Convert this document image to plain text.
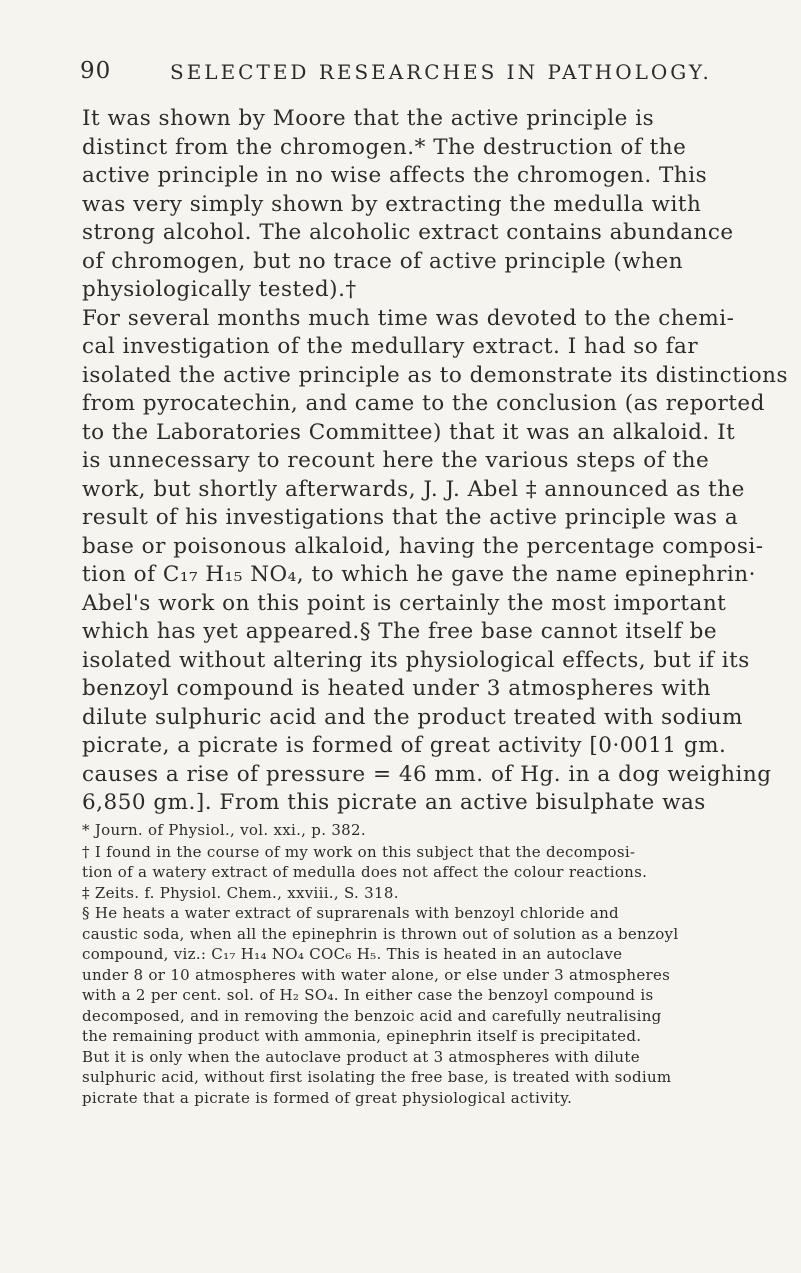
90	SELECTED RESEARCHES IN PATHOLOGY.
It was shown by Moore that the active principle is
distinct from the chromogen.* The destruction of the
active principle in no wise affects the chromogen. This
was very simply shown by extracting the medulla with
strong alcohol. The alcoholic extract contains abundance
of chromogen, but no trace of active principle (when
physiologically tested).†
For several months much time was devoted to the chemi-
cal investigation of the medullary extract. I had so far
isolated the active principle as to demonstrate its distinctions
from pyrocatechin, and came to the conclusion (as reported
to the Laboratories Committee) that it was an alkaloid. It
is unnecessary to recount here the various steps of the
work, but shortly afterwards, J. J. Abel ‡ announced as the
result of his investigations that the active principle was a
base or poisonous alkaloid, having the percentage composi-
tion of C₁₇ H₁₅ NO₄, to which he gave the name epinephrin·
Abel's work on this point is certainly the most important
which has yet appeared.§ The free base cannot itself be
isolated without altering its physiological effects, but if its
benzoyl compound is heated under 3 atmospheres with
dilute sulphuric acid and the product treated with sodium
picrate, a picrate is formed of great activity [0·0011 gm.
causes a rise of pressure = 46 mm. of Hg. in a dog weighing
6,850 gm.]. From this picrate an active bisulphate was
* Journ. of Physiol., vol. xxi., p. 382.
† I found in the course of my work on this subject that the decomposi-
tion of a watery extract of medulla does not affect the colour reactions.
‡ Zeits. f. Physiol. Chem., xxviii., S. 318.
§ He heats a water extract of suprarenals with benzoyl chloride and
caustic soda, when all the epinephrin is thrown out of solution as a benzoyl
compound, viz.: C₁₇ H₁₄ NO₄ COC₆ H₅. This is heated in an autoclave
under 8 or 10 atmospheres with water alone, or else under 3 atmospheres
with a 2 per cent. sol. of H₂ SO₄. In either case the benzoyl compound is
decomposed, and in removing the benzoic acid and carefully neutralising
the remaining product with ammonia, epinephrin itself is precipitated.
But it is only when the autoclave product at 3 atmospheres with dilute
sulphuric acid, without first isolating the free base, is treated with sodium
picrate that a picrate is formed of great physiological activity.
